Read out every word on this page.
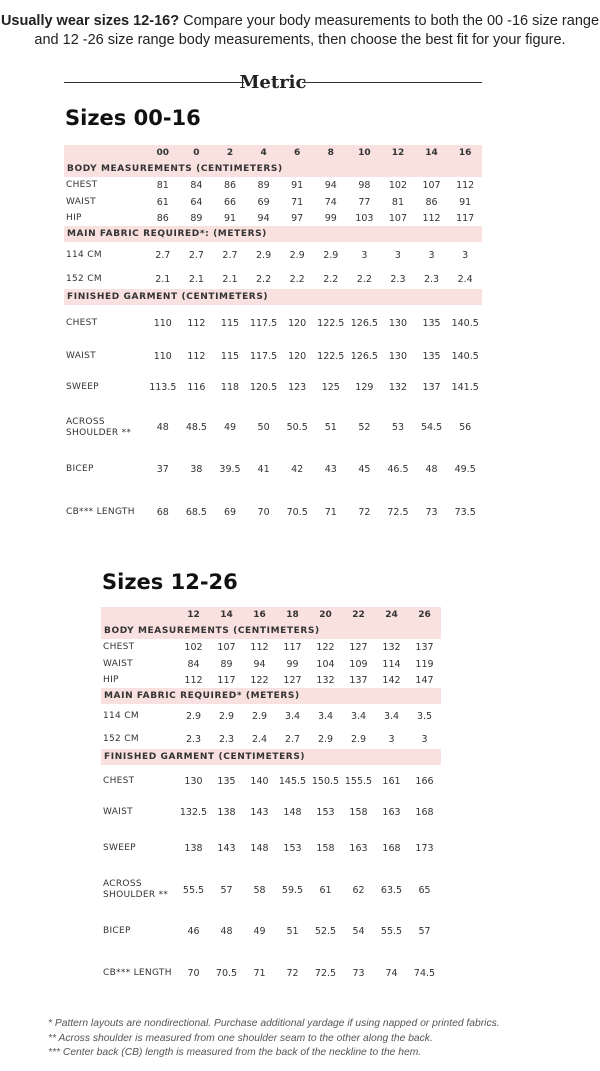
Usually wear sizes 12-16? Compare your body measurements to both the 00 -16 size range and 12 -26 size range body measurements, then choose the best fit for your figure.
Metric
Sizes 00-16
	00	0	2	4	6	8	10	12	14	16
BODY MEASUREMENTS (CENTIMETERS)										
CHEST	81	84	86	89	91	94	98	102	107	112
WAIST	61	64	66	69	71	74	77	81	86	91
HIP	86	89	91	94	97	99	103	107	112	117
MAIN FABRIC REQUIRED*: (METERS)										
114 CM	2.7	2.7	2.7	2.9	2.9	2.9	3	3	3	3
152 CM	2.1	2.1	2.1	2.2	2.2	2.2	2.2	2.3	2.3	2.4
FINISHED GARMENT (CENTIMETERS)										
CHEST	110	112	115	117.5	120	122.5	126.5	130	135	140.5
WAIST	110	112	115	117.5	120	122.5	126.5	130	135	140.5
SWEEP	113.5	116	118	120.5	123	125	129	132	137	141.5
ACROSS SHOULDER **	48	48.5	49	50	50.5	51	52	53	54.5	56
BICEP	37	38	39.5	41	42	43	45	46.5	48	49.5
CB*** LENGTH	68	68.5	69	70	70.5	71	72	72.5	73	73.5
Sizes 12-26
	12	14	16	18	20	22	24	26
BODY MEASUREMENTS (CENTIMETERS)								
CHEST	102	107	112	117	122	127	132	137
WAIST	84	89	94	99	104	109	114	119
HIP	112	117	122	127	132	137	142	147
MAIN FABRIC REQUIRED* (METERS)								
114 CM	2.9	2.9	2.9	3.4	3.4	3.4	3.4	3.5
152 CM	2.3	2.3	2.4	2.7	2.9	2.9	3	3
FINISHED GARMENT (CENTIMETERS)								
CHEST	130	135	140	145.5	150.5	155.5	161	166
WAIST	132.5	138	143	148	153	158	163	168
SWEEP	138	143	148	153	158	163	168	173
ACROSS SHOULDER **	55.5	57	58	59.5	61	62	63.5	65
BICEP	46	48	49	51	52.5	54	55.5	57
CB*** LENGTH	70	70.5	71	72	72.5	73	74	74.5
* Pattern layouts are nondirectional. Purchase additional yardage if using napped or printed fabrics.
** Across shoulder is measured from one shoulder seam to the other along the back.
*** Center back (CB) length is measured from the back of the neckline to the hem.
